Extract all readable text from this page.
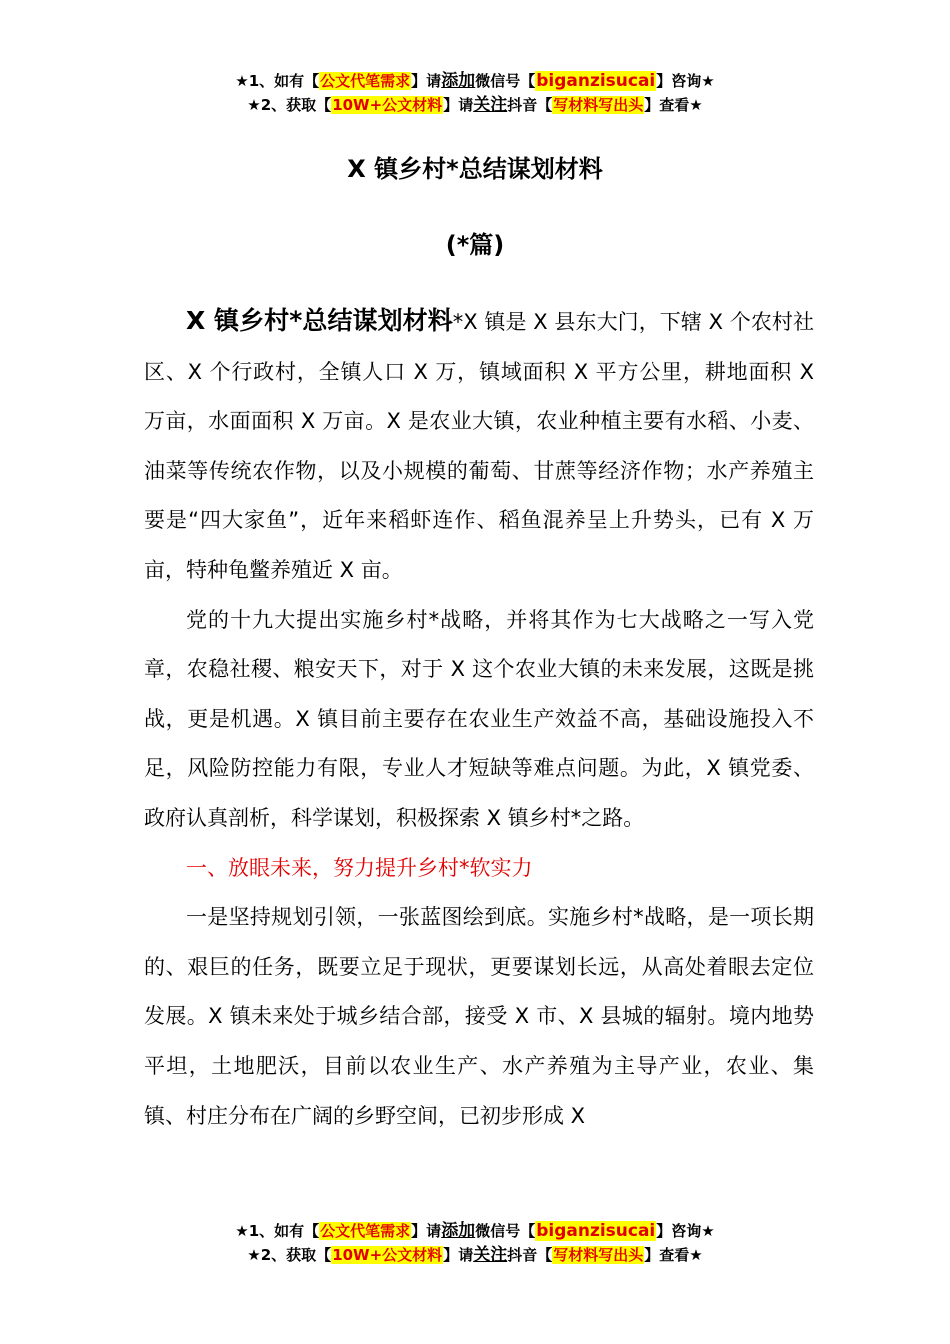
★1、如有【公文代笔需求】请添加微信号【biganzisucai】咨询★
★2、获取【10W+公文材料】请关注抖音【写材料写出头】查看★
X 镇乡村*总结谋划材料
(*篇)

X 镇乡村*总结谋划材料*X 镇是 X 县东大门，下辖 X 个农村社区、X 个行政村，全镇人口 X 万，镇域面积 X 平方公里，耕地面积 X 万亩，水面面积 X 万亩。X 是农业大镇，农业种植主要有水稻、小麦、油菜等传统农作物，以及小规模的葡萄、甘蔗等经济作物；水产养殖主要是“四大家鱼”，近年来稻虾连作、稻鱼混养呈上升势头，已有 X 万亩，特种龟鳖养殖近 X 亩。

党的十九大提出实施乡村*战略，并将其作为七大战略之一写入党章，农稳社稷、粮安天下，对于 X 这个农业大镇的未来发展，这既是挑战，更是机遇。X 镇目前主要存在农业生产效益不高，基础设施投入不足，风险防控能力有限，专业人才短缺等难点问题。为此，X 镇党委、政府认真剖析，科学谋划，积极探索 X 镇乡村*之路。

一、放眼未来，努力提升乡村*软实力

一是坚持规划引领，一张蓝图绘到底。实施乡村*战略，是一项长期的、艰巨的任务，既要立足于现状，更要谋划长远，从高处着眼去定位发展。X 镇未来处于城乡结合部，接受 X 市、X 县城的辐射。境内地势平坦，土地肥沃，目前以农业生产、水产养殖为主导产业，农业、集镇、村庄分布在广阔的乡野空间，已初步形成 X

★1、如有【公文代笔需求】请添加微信号【biganzisucai】咨询★
★2、获取【10W+公文材料】请关注抖音【写材料写出头】查看★
